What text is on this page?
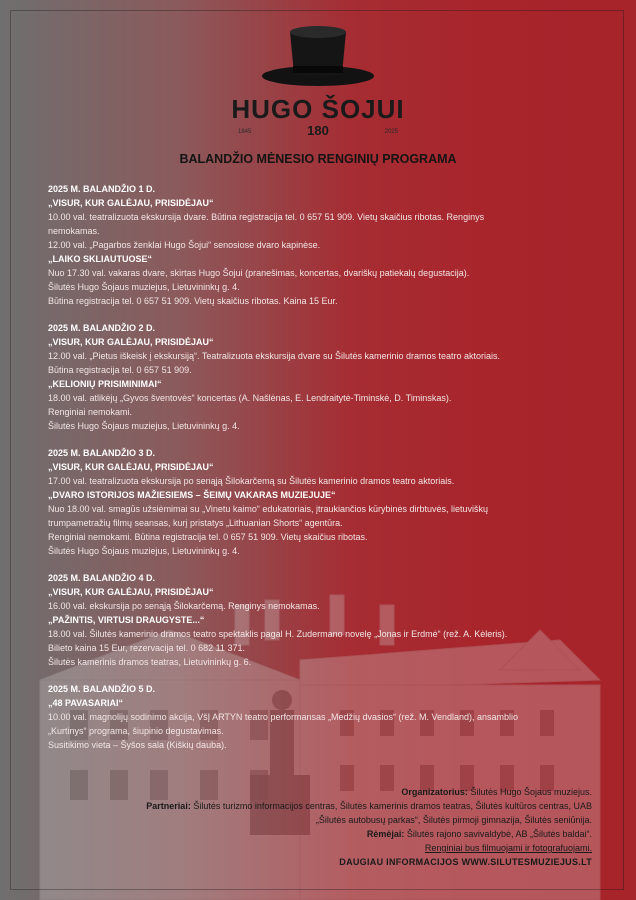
HUGO ŠOJUI
1845	180	2025
BALANDŽIO MĖNESIO RENGINIŲ PROGRAMA
2025 M. BALANDŽIO 1 D.
„VISUR, KUR GALĖJAU, PRISIDĖJAU“
10.00 val. teatralizuota ekskursija dvare. Būtina registracija tel. 0 657 51 909. Vietų skaičius ribotas. Renginys
nemokamas.
12.00 val. „Pagarbos ženklai Hugo Šojui“ senosiose dvaro kapinėse.
„LAIKO SKLIAUTUOSE“
Nuo 17.30 val. vakaras dvare, skirtas Hugo Šojui (pranešimas, koncertas, dvariškų patiekalų degustacija).
Šilutės Hugo Šojaus muziejus, Lietuvininkų g. 4.
Būtina registracija tel. 0 657 51 909. Vietų skaičius ribotas. Kaina 15 Eur.
2025 M. BALANDŽIO 2 D.
„VISUR, KUR GALĖJAU, PRISIDĖJAU“
12.00 val. „Pietus iškeisk į ekskursiją“. Teatralizuota ekskursija dvare su Šilutės kamerinio dramos teatro aktoriais.
Būtina registracija tel. 0 657 51 909.
„KELIONIŲ PRISIMINIMAI“
18.00 val. atlikėjų „Gyvos šventovės“ koncertas (A. Našlėnas, E. Lendraitytė-Timinskė, D. Timinskas).
Renginiai nemokami.
Šilutės Hugo Šojaus muziejus, Lietuvininkų g. 4.
2025 M. BALANDŽIO 3 D.
„VISUR, KUR GALĖJAU, PRISIDĖJAU“
17.00 val. teatralizuota ekskursija po senąją Šilokarčemą su Šilutės kamerinio dramos teatro aktoriais.
„DVARO ISTORIJOS MAŽIESIEMS – ŠEIMŲ VAKARAS MUZIEJUJE“
Nuo 18.00 val. smagūs užsiėmimai su „Vinetu kaimo“ edukatoriais, įtraukiančios kūrybinės dirbtuvės, lietuviškų
trumpametražių filmų seansas, kurį pristatys „Lithuanian Shorts“ agentūra.
Renginiai nemokami. Būtina registracija tel. 0 657 51 909. Vietų skaičius ribotas.
Šilutės Hugo Šojaus muziejus, Lietuvininkų g. 4.
2025 M. BALANDŽIO 4 D.
„VISUR, KUR GALĖJAU, PRISIDĖJAU“
16.00 val. ekskursija po senąją Šilokarčemą. Renginys nemokamas.
„PAŽINTIS, VIRTUSI DRAUGYSTE...“
18.00 val. Šilutės kamerinio dramos teatro spektaklis pagal H. Zudermano novelę „Jonas ir Erdmė“ (rež. A. Kėleris).
Bilieto kaina 15 Eur, rezervacija tel. 0 682 11 371.
Šilutės kamerinis dramos teatras, Lietuvininkų g. 6.
2025 M. BALANDŽIO 5 D.
„48 PAVASARIAI“
10.00 val. magnolijų sodinimo akcija, VšĮ ARTYN teatro performansas „Medžių dvasios“ (rež. M. Vendland), ansamblio
„Kurtinys“ programa, šiupinio degustavimas.
Susitikimo vieta – Šyšos sala (Kiškių dauba).
Organizatorius: Šilutės Hugo Šojaus muziejus.
Partneriai: Šilutės turizmo informacijos centras, Šilutės kamerinis dramos teatras, Šilutės kultūros centras, UAB
„Šilutės autobusų parkas“, Šilutės pirmoji gimnazija, Šilutės seniūnija.
Rėmėjai: Šilutės rajono savivaldybė, AB „Šilutės baldai“.
Renginiai bus filmuojami ir fotografuojami.
DAUGIAU INFORMACIJOS WWW.SILUTESMUZIEJUS.LT
